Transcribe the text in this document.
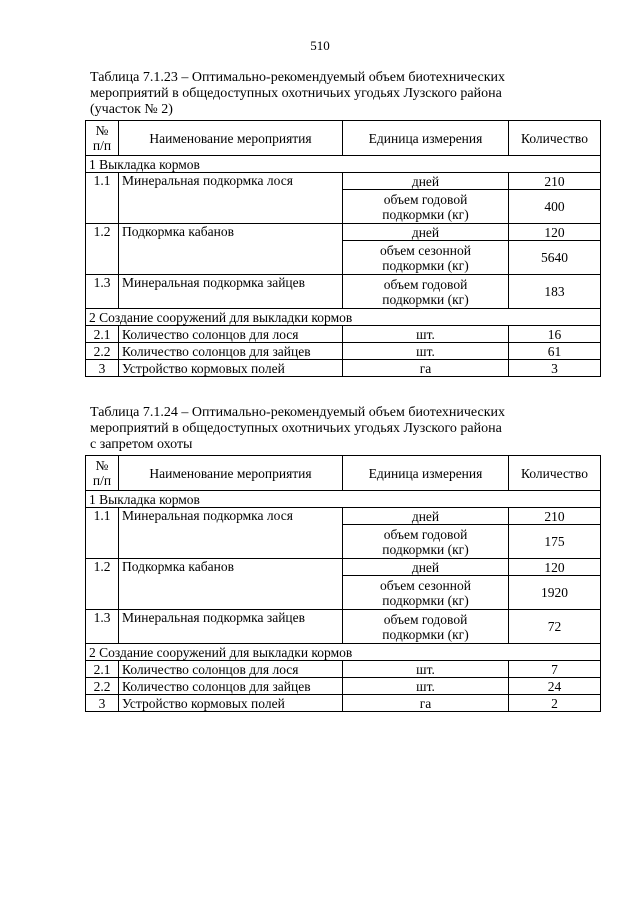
510
Таблица 7.1.23 – Оптимально-рекомендуемый объем биотехнических
мероприятий в общедоступных охотничьих угодьях Лузского района
(участок № 2)
№
п/п	Наименование мероприятия	Единица измерения	Количество
1 Выкладка кормов			
1.1	Минеральная подкормка лося	дней	210

		объем годовой
подкормки (кг)	400
1.2	Подкормка кабанов	дней	120

		объем сезонной
подкормки (кг)	5640
1.3	Минеральная подкормка зайцев	объем годовой
подкормки (кг)	183
2 Создание сооружений для выкладки кормов			
2.1	Количество солонцов для лося	шт.	16
2.2	Количество солонцов для зайцев	шт.	61
3	Устройство кормовых полей	га	3
Таблица 7.1.24 – Оптимально-рекомендуемый объем биотехнических
мероприятий в общедоступных охотничьих угодьях Лузского района
с запретом охоты
№
п/п	Наименование мероприятия	Единица измерения	Количество
1 Выкладка кормов			
1.1	Минеральная подкормка лося	дней	210

		объем годовой
подкормки (кг)	175
1.2	Подкормка кабанов	дней	120

		объем сезонной
подкормки (кг)	1920
1.3	Минеральная подкормка зайцев	объем годовой
подкормки (кг)	72
2 Создание сооружений для выкладки кормов			
2.1	Количество солонцов для лося	шт.	7
2.2	Количество солонцов для зайцев	шт.	24
3	Устройство кормовых полей	га	2
